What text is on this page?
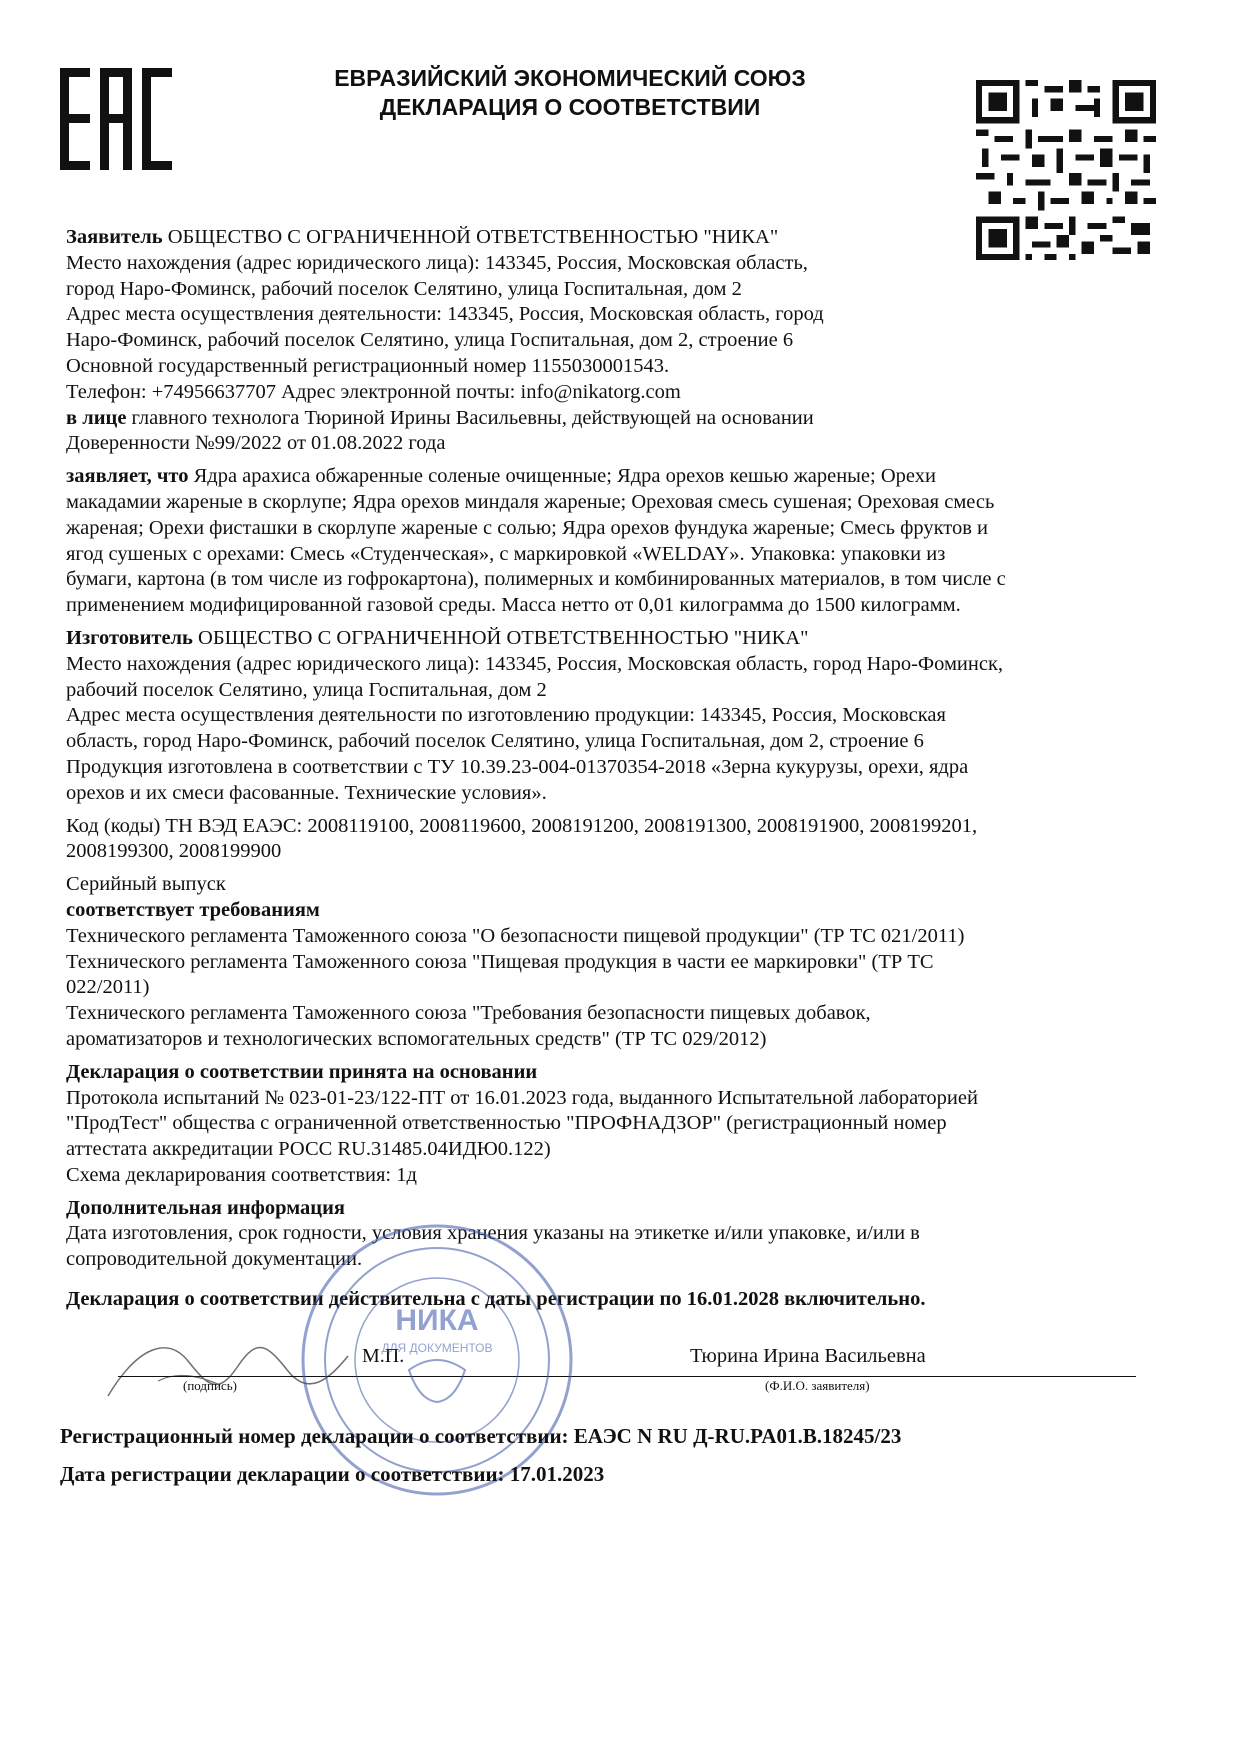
ЕВРАЗИЙСКИЙ ЭКОНОМИЧЕСКИЙ СОЮЗ
ДЕКЛАРАЦИЯ О СООТВЕТСТВИИ

Заявитель ОБЩЕСТВО С ОГРАНИЧЕННОЙ ОТВЕТСТВЕННОСТЬЮ "НИКА"

Место нахождения (адрес юридического лица): 143345, Россия, Московская область,

город Наро-Фоминск, рабочий поселок Селятино, улица Госпитальная, дом 2

Адрес места осуществления деятельности: 143345, Россия, Московская область, город

Наро-Фоминск, рабочий поселок Селятино, улица Госпитальная, дом 2, строение 6

Основной государственный регистрационный номер 1155030001543.

Телефон: +74956637707 Адрес электронной почты: info@nikatorg.com

в лице главного технолога Тюриной Ирины Васильевны, действующей на основании

Доверенности №99/2022 от 01.08.2022 года

заявляет, что Ядра арахиса обжаренные соленые очищенные; Ядра орехов кешью жареные; Орехи

макадамии жареные в скорлупе; Ядра орехов миндаля жареные; Ореховая смесь сушеная; Ореховая смесь

жареная; Орехи фисташки в скорлупе жареные с солью; Ядра орехов фундука жареные; Смесь фруктов и

ягод сушеных с орехами: Смесь «Студенческая», с маркировкой «WELDAY». Упаковка: упаковки из

бумаги, картона (в том числе из гофрокартона), полимерных и комбинированных материалов, в том числе с

применением модифицированной газовой среды. Масса нетто от 0,01 килограмма до 1500 килограмм.

Изготовитель ОБЩЕСТВО С ОГРАНИЧЕННОЙ ОТВЕТСТВЕННОСТЬЮ "НИКА"

Место нахождения (адрес юридического лица): 143345, Россия, Московская область, город Наро-Фоминск,

рабочий поселок Селятино, улица Госпитальная, дом 2

Адрес места осуществления деятельности по изготовлению продукции: 143345, Россия, Московская

область, город Наро-Фоминск, рабочий поселок Селятино, улица Госпитальная, дом 2, строение 6

Продукция изготовлена в соответствии с ТУ 10.39.23-004-01370354-2018 «Зерна кукурузы, орехи, ядра

орехов и их смеси фасованные. Технические условия».

Код (коды) ТН ВЭД ЕАЭС: 2008119100, 2008119600, 2008191200, 2008191300, 2008191900, 2008199201,

2008199300, 2008199900

Серийный выпуск

соответствует требованиям

Технического регламента Таможенного союза "О безопасности пищевой продукции" (ТР ТС 021/2011)

Технического регламента Таможенного союза "Пищевая продукция в части ее маркировки" (ТР ТС

022/2011)

Технического регламента Таможенного союза "Требования безопасности пищевых добавок,

ароматизаторов и технологических вспомогательных средств" (ТР ТС 029/2012)

Декларация о соответствии принята на основании

Протокола испытаний № 023-01-23/122-ПТ от 16.01.2023 года, выданного Испытательной лабораторией

"ПродТест" общества с ограниченной ответственностью "ПРОФНАДЗОР" (регистрационный номер

аттестата аккредитации РОСС RU.31485.04ИДЮ0.122)

Схема декларирования соответствия: 1д

Дополнительная информация

Дата изготовления, срок годности, условия хранения указаны на этикетке и/или упаковке, и/или в

сопроводительной документации.

Декларация о соответствии действительна с даты регистрации по 16.01.2028 включительно.

М.П.	Тюрина Ирина Васильевна
(подпись)	(Ф.И.О. заявителя)
НИКА
ДЛЯ ДОКУМЕНТОВ
Регистрационный номер декларации о соответствии: ЕАЭС N RU Д-RU.PA01.B.18245/23
Дата регистрации декларации о соответствии: 17.01.2023
